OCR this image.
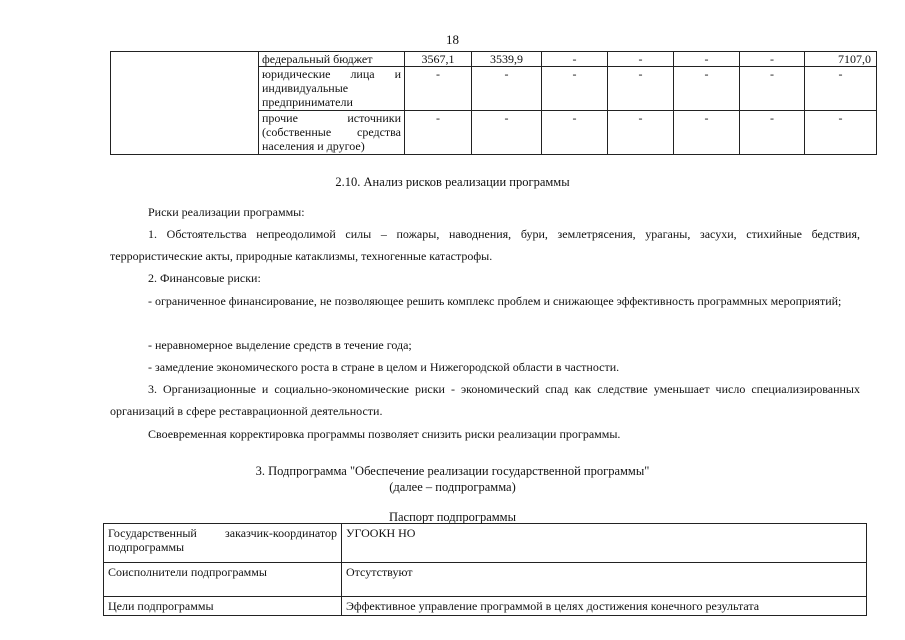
18
	федеральный бюджет	3567,1	3539,9	-	-	-	-	7107,0
	юридические лица и индивидуальные предприниматели	-	-	-	-	-	-	-
	прочие источники (собственные средства населения и другое)	-	-	-	-	-	-	-
2.10. Анализ рисков реализации программы
Риски реализации программы:
1. Обстоятельства непреодолимой силы – пожары, наводнения, бури, землетрясения, ураганы, засухи, стихийные бедствия, террористические акты, природные катаклизмы, техногенные катастрофы.
2. Финансовые риски:
- ограниченное финансирование, не позволяющее решить комплекс проблем и снижающее эффективность программных мероприятий;
- неравномерное выделение средств в течение года;
- замедление экономического роста в стране в целом и Нижегородской области в частности.
3. Организационные и социально-экономические риски - экономический спад как следствие уменьшает число специализированных организаций в сфере реставрационной деятельности.
Своевременная корректировка программы позволяет снизить риски реализации программы.
3. Подпрограмма "Обеспечение реализации государственной программы"
(далее – подпрограмма)
Паспорт подпрограммы
Государственный заказчик-координатор подпрограммы	УГООКН НО
Соисполнители подпрограммы	Отсутствуют
Цели подпрограммы	Эффективное управление программой в целях достижения конечного результата
